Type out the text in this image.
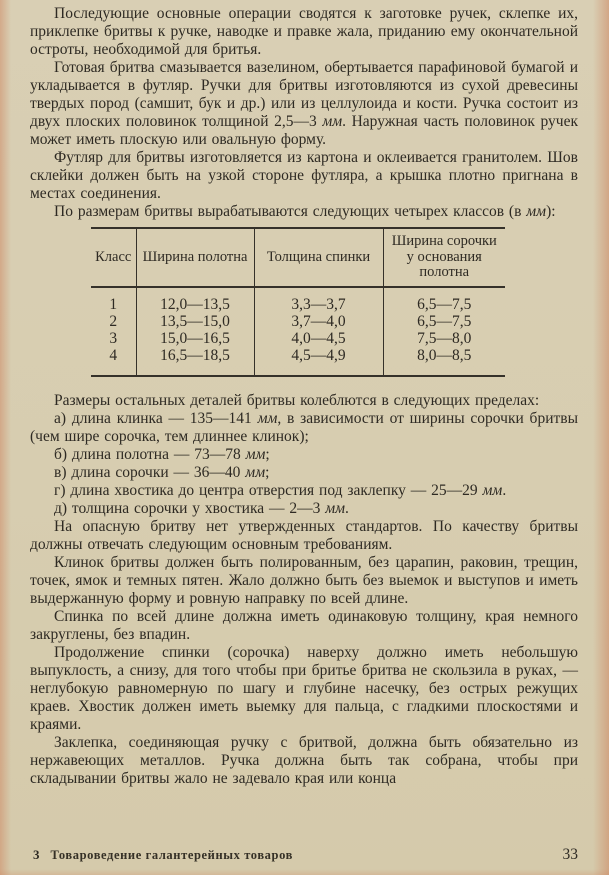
Последующие основные операции сводятся к заготовке ручек, склепке их, приклепке бритвы к ручке, наводке и правке жала, приданию ему окончательной остроты, необходимой для бритья.

Готовая бритва смазывается вазелином, обертывается парафиновой бумагой и укладывается в футляр. Ручки для бритвы изготовляются из сухой древесины твердых пород (самшит, бук и др.) или из целлулоида и кости. Ручка состоит из двух плоских половинок толщиной 2,5—3 мм. Наружная часть половинок ручек может иметь плоскую или овальную форму.

Футляр для бритвы изготовляется из картона и оклеивается гранитолем. Шов склейки должен быть на узкой стороне футляра, а крышка плотно пригнана в местах соединения.

По размерам бритвы вырабатываются следующих четырех классов (в мм):

Класс	Ширина полотна	Толщина спинки	Ширина сорочки у основания полотна
1	12,0—13,5	3,3—3,7	6,5—7,5
2	13,5—15,0	3,7—4,0	6,5—7,5
3	15,0—16,5	4,0—4,5	7,5—8,0
4	16,5—18,5	4,5—4,9	8,0—8,5

Размеры остальных деталей бритвы колеблются в следующих пределах:

а) длина клинка — 135—141 мм, в зависимости от ширины сорочки бритвы (чем шире сорочка, тем длиннее клинок);

б) длина полотна — 73—78 мм;

в) длина сорочки — 36—40 мм;

г) длина хвостика до центра отверстия под заклепку — 25—29 мм.

д) толщина сорочки у хвостика — 2—3 мм.

На опасную бритву нет утвержденных стандартов. По качеству бритвы должны отвечать следующим основным требованиям.

Клинок бритвы должен быть полированным, без царапин, раковин, трещин, точек, ямок и темных пятен. Жало должно быть без выемок и выступов и иметь выдержанную форму и ровную направку по всей длине.

Спинка по всей длине должна иметь одинаковую толщину, края немного закруглены, без впадин.

Продолжение спинки (сорочка) наверху должно иметь небольшую выпуклость, а снизу, для того чтобы при бритье бритва не скользила в руках, — неглубокую равномерную по шагу и глубине насечку, без острых режущих краев. Хвостик должен иметь выемку для пальца, с гладкими плоскостями и краями.

Заклепка, соединяющая ручку с бритвой, должна быть обязательно из нержавеющих металлов. Ручка должна быть так собрана, чтобы при складывании бритвы жало не задевало края или конца

3 Товароведение галантерейных товаров	33
